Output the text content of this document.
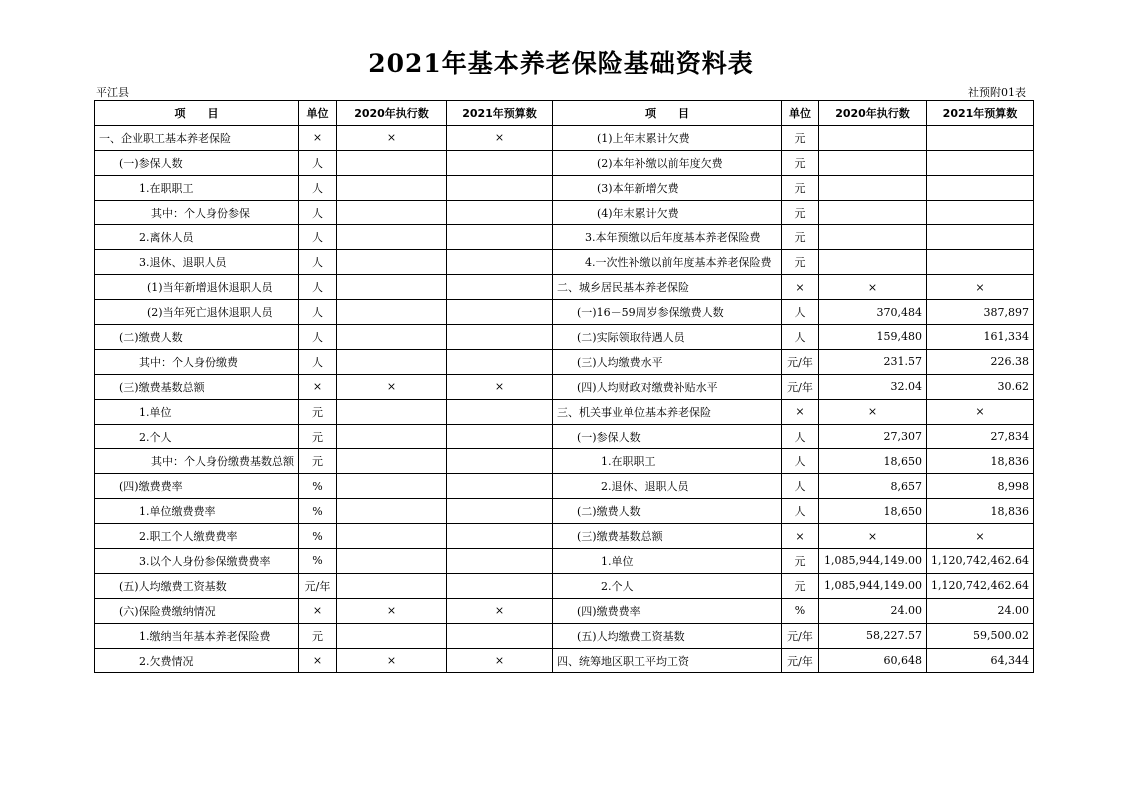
2021年基本养老保险基础资料表
平江县	社预附01表
项　　目	单位	2020年执行数	2021年预算数	项　　目	单位	2020年执行数	2021年预算数
一、企业职工基本养老保险	×	×	×	(1)上年末累计欠费	元		
(一)参保人数	人			(2)本年补缴以前年度欠费	元		
1.在职职工	人			(3)本年新增欠费	元		
其中：个人身份参保	人			(4)年末累计欠费	元		
2.离休人员	人			3.本年预缴以后年度基本养老保险费	元		
3.退休、退职人员	人			4.一次性补缴以前年度基本养老保险费	元		
(1)当年新增退休退职人员	人			二、城乡居民基本养老保险	×	×	×
(2)当年死亡退休退职人员	人			(一)16－59周岁参保缴费人数	人	370,484	387,897
(二)缴费人数	人			(二)实际领取待遇人员	人	159,480	161,334
其中：个人身份缴费	人			(三)人均缴费水平	元/年	231.57	226.38
(三)缴费基数总额	×	×	×	(四)人均财政对缴费补贴水平	元/年	32.04	30.62
1.单位	元			三、机关事业单位基本养老保险	×	×	×
2.个人	元			(一)参保人数	人	27,307	27,834
其中：个人身份缴费基数总额	元			1.在职职工	人	18,650	18,836
(四)缴费费率	%			2.退休、退职人员	人	8,657	8,998
1.单位缴费费率	%			(二)缴费人数	人	18,650	18,836
2.职工个人缴费费率	%			(三)缴费基数总额	×	×	×
3.以个人身份参保缴费费率	%			1.单位	元	1,085,944,149.00	1,120,742,462.64
(五)人均缴费工资基数	元/年			2.个人	元	1,085,944,149.00	1,120,742,462.64
(六)保险费缴纳情况	×	×	×	(四)缴费费率	%	24.00	24.00
1.缴纳当年基本养老保险费	元			(五)人均缴费工资基数	元/年	58,227.57	59,500.02
2.欠费情况	×	×	×	四、统筹地区职工平均工资	元/年	60,648	64,344
